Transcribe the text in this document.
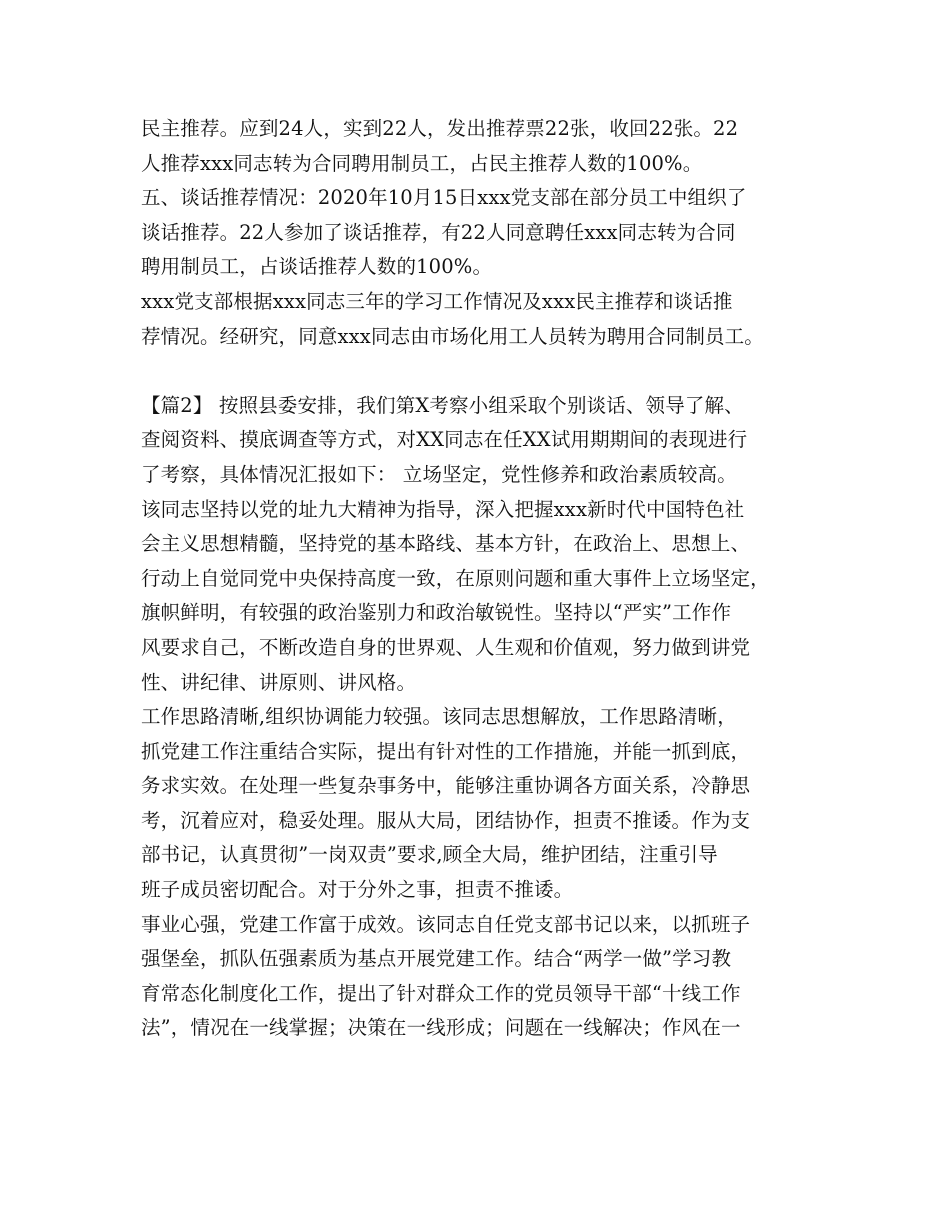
民主推荐。应到24人，实到22人，发出推荐票22张，收回22张。22
人推荐xxx同志转为合同聘用制员工，占民主推荐人数的100%。
五、谈话推荐情况：2020年10月15日xxx党支部在部分员工中组织了
谈话推荐。22人参加了谈话推荐，有22人同意聘任xxx同志转为合同
聘用制员工，占谈话推荐人数的100%。
xxx党支部根据xxx同志三年的学习工作情况及xxx民主推荐和谈话推
荐情况。经研究，同意xxx同志由市场化用工人员转为聘用合同制员工。
【篇2】 按照县委安排，我们第X考察小组采取个别谈话、领导了解、
查阅资料、摸底调查等方式，对XX同志在任XX试用期期间的表现进行
了考察，具体情况汇报如下： 立场坚定，党性修养和政治素质较高。
该同志坚持以党的址九大精神为指导，深入把握xxx新时代中国特色社
会主义思想精髓，坚持党的基本路线、基本方针，在政治上、思想上、
行动上自觉同党中央保持高度一致，在原则问题和重大事件上立场坚定，
旗帜鲜明，有较强的政治鉴别力和政治敏锐性。坚持以“严实”工作作
风要求自己，不断改造自身的世界观、人生观和价值观，努力做到讲党
性、讲纪律、讲原则、讲风格。
工作思路清晰,组织协调能力较强。该同志思想解放，工作思路清晰，
抓党建工作注重结合实际，提出有针对性的工作措施，并能一抓到底，
务求实效。在处理一些复杂事务中，能够注重协调各方面关系，冷静思
考，沉着应对，稳妥处理。服从大局，团结协作，担责不推诿。作为支
部书记，认真贯彻”一岗双责”要求,顾全大局，维护团结，注重引导
班子成员密切配合。对于分外之事，担责不推诿。
事业心强，党建工作富于成效。该同志自任党支部书记以来，以抓班子
强堡垒，抓队伍强素质为基点开展党建工作。结合“两学一做”学习教
育常态化制度化工作，提出了针对群众工作的党员领导干部“十线工作
法”，情况在一线掌握；决策在一线形成；问题在一线解决；作风在一
